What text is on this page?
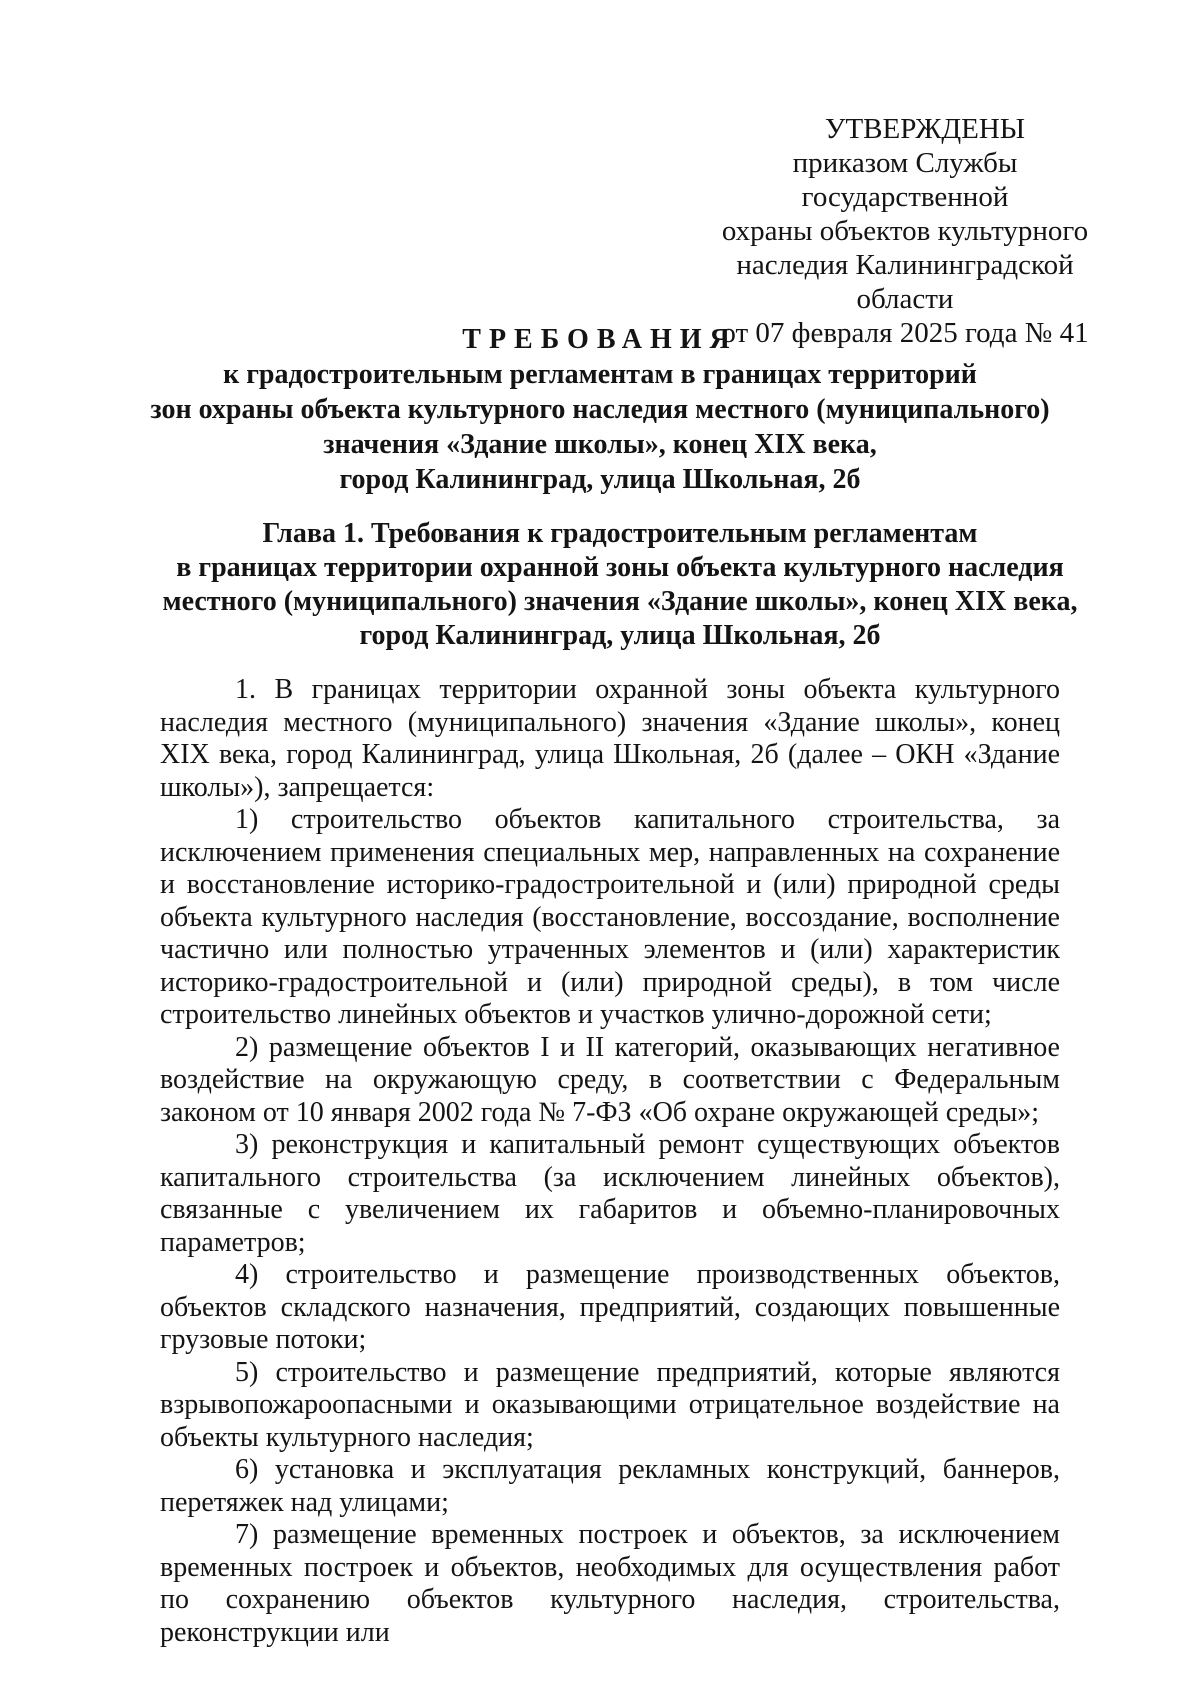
УТВЕРЖДЕНЫ
приказом Службы государственной
охраны объектов культурного
наследия Калининградской области
от 07 февраля 2025 года № 41
ТРЕБОВАНИЯ
к градостроительным регламентам в границах территорий
зон охраны объекта культурного наследия местного (муниципального)
значения «Здание школы», конец XIX века,
город Калининград, улица Школьная, 2б
Глава 1. Требования к градостроительным регламентам
в границах территории охранной зоны объекта культурного наследия
местного (муниципального) значения «Здание школы», конец XIX века,
город Калининград, улица Школьная, 2б

1. В границах территории охранной зоны объекта культурного наследия местного (муниципального) значения «Здание школы», конец XIX века, город Калининград, улица Школьная, 2б (далее – ОКН «Здание школы»), запрещается:

1) строительство объектов капитального строительства, за исключением применения специальных мер, направленных на сохранение и восстановление историко-градостроительной и (или) природной среды объекта культурного наследия (восстановление, воссоздание, восполнение частично или полностью утраченных элементов и (или) характеристик историко-градостроительной и (или) природной среды), в том числе строительство линейных объектов и участков улично-дорожной сети;

2) размещение объектов I и II категорий, оказывающих негативное воздействие на окружающую среду, в соответствии с Федеральным законом от 10 января 2002 года № 7-ФЗ «Об охране окружающей среды»;

3) реконструкция и капитальный ремонт существующих объектов капитального строительства (за исключением линейных объектов), связанные с увеличением их габаритов и объемно-планировочных параметров;

4) строительство и размещение производственных объектов, объектов складского назначения, предприятий, создающих повышенные грузовые потоки;

5) строительство и размещение предприятий, которые являются взрывопожароопасными и оказывающими отрицательное воздействие на объекты культурного наследия;

6) установка и эксплуатация рекламных конструкций, баннеров, перетяжек над улицами;

7) размещение временных построек и объектов, за исключением временных построек и объектов, необходимых для осуществления работ по сохранению объектов культурного наследия, строительства, реконструкции или
